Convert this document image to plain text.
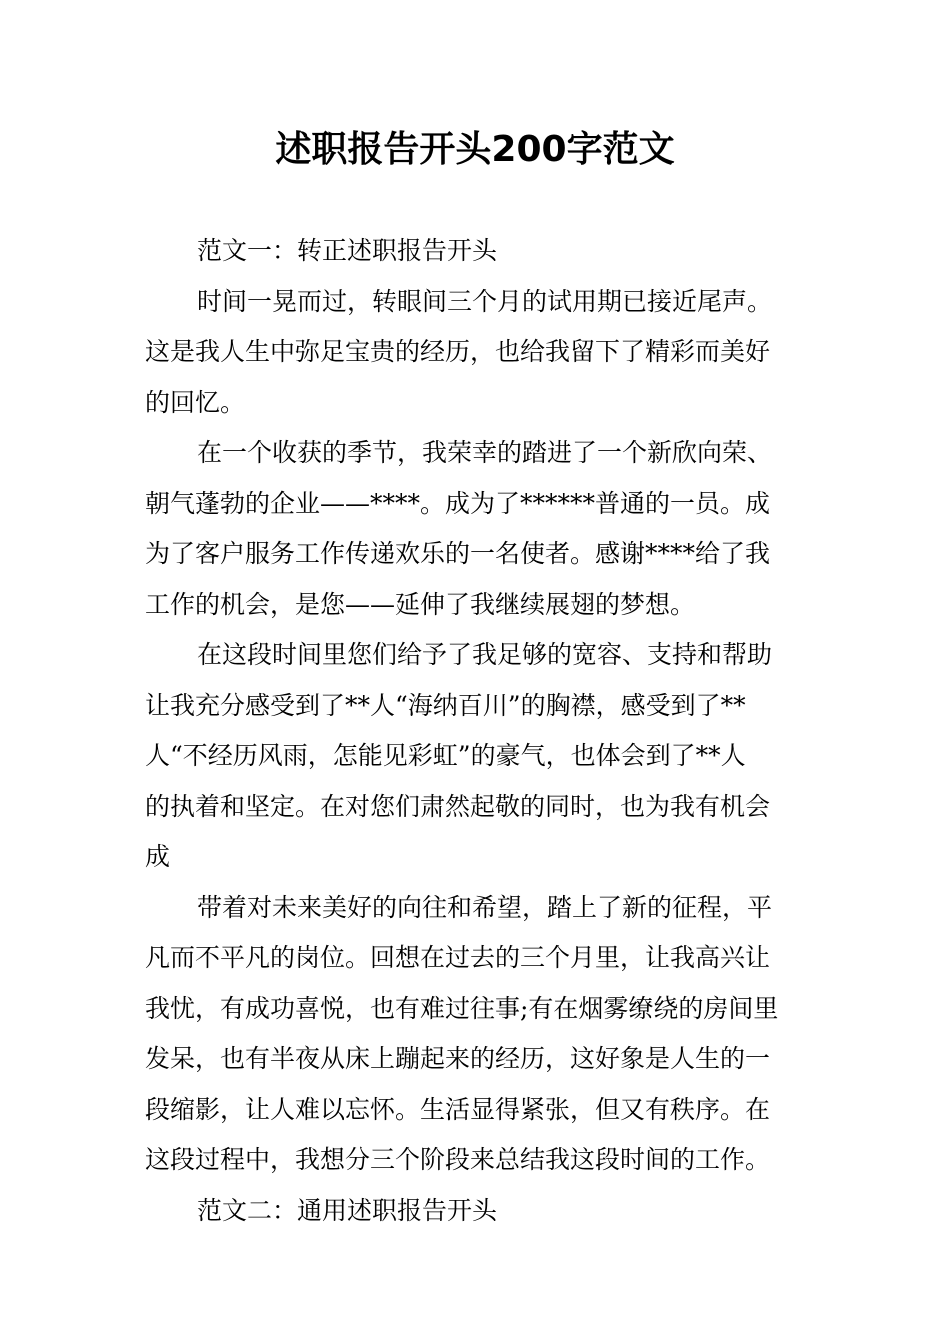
述职报告开头200字范文
范文一：转正述职报告开头
时间一晃而过，转眼间三个月的试用期已接近尾声。
这是我人生中弥足宝贵的经历，也给我留下了精彩而美好
的回忆。
在一个收获的季节，我荣幸的踏进了一个新欣向荣、
朝气蓬勃的企业——****。成为了******普通的一员。成
为了客户服务工作传递欢乐的一名使者。感谢****给了我
工作的机会，是您——延伸了我继续展翅的梦想。
在这段时间里您们给予了我足够的宽容、支持和帮助
让我充分感受到了**人“海纳百川”的胸襟，感受到了**
人“不经历风雨，怎能见彩虹”的豪气，也体会到了**人
的执着和坚定。在对您们肃然起敬的同时，也为我有机会
成
带着对未来美好的向往和希望，踏上了新的征程，平
凡而不平凡的岗位。回想在过去的三个月里，让我高兴让
我忧，有成功喜悦，也有难过往事;有在烟雾缭绕的房间里
发呆，也有半夜从床上蹦起来的经历，这好象是人生的一
段缩影，让人难以忘怀。生活显得紧张，但又有秩序。在
这段过程中，我想分三个阶段来总结我这段时间的工作。
范文二：通用述职报告开头
